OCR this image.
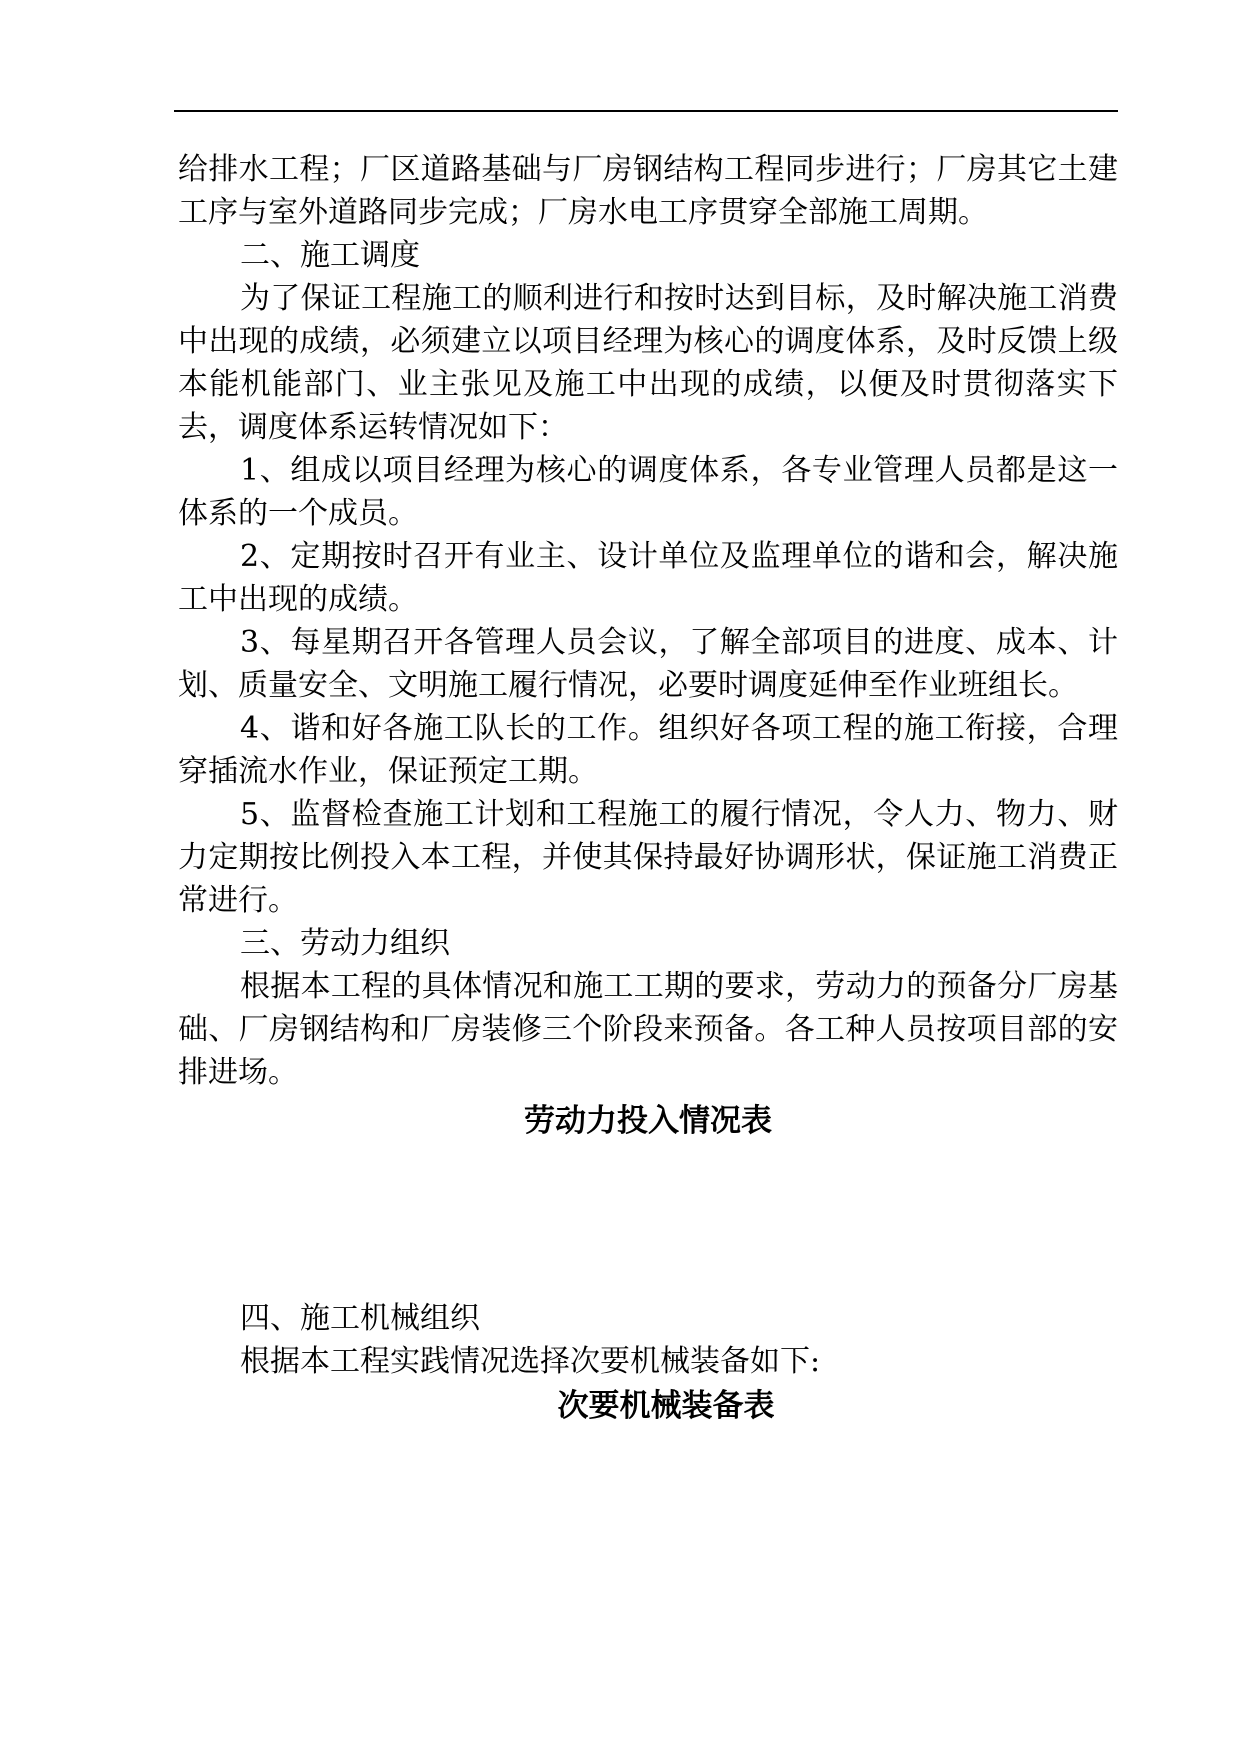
给排水工程；厂区道路基础与厂房钢结构工程同步进行；厂房其它土建工序与室外道路同步完成；厂房水电工序贯穿全部施工周期。

二、施工调度

为了保证工程施工的顺利进行和按时达到目标，及时解决施工消费中出现的成绩，必须建立以项目经理为核心的调度体系，及时反馈上级本能机能部门、业主张见及施工中出现的成绩，以便及时贯彻落实下去，调度体系运转情况如下：

1、组成以项目经理为核心的调度体系，各专业管理人员都是这一体系的一个成员。

2、定期按时召开有业主、设计单位及监理单位的谐和会，解决施工中出现的成绩。

3、每星期召开各管理人员会议，了解全部项目的进度、成本、计划、质量安全、文明施工履行情况，必要时调度延伸至作业班组长。

4、谐和好各施工队长的工作。组织好各项工程的施工衔接，合理穿插流水作业，保证预定工期。

5、监督检查施工计划和工程施工的履行情况，令人力、物力、财力定期按比例投入本工程，并使其保持最好协调形状，保证施工消费正常进行。

三、劳动力组织

根据本工程的具体情况和施工工期的要求，劳动力的预备分厂房基础、厂房钢结构和厂房装修三个阶段来预备。各工种人员按项目部的安排进场。

劳动力投入情况表

四、施工机械组织

根据本工程实践情况选择次要机械装备如下:

次要机械装备表
